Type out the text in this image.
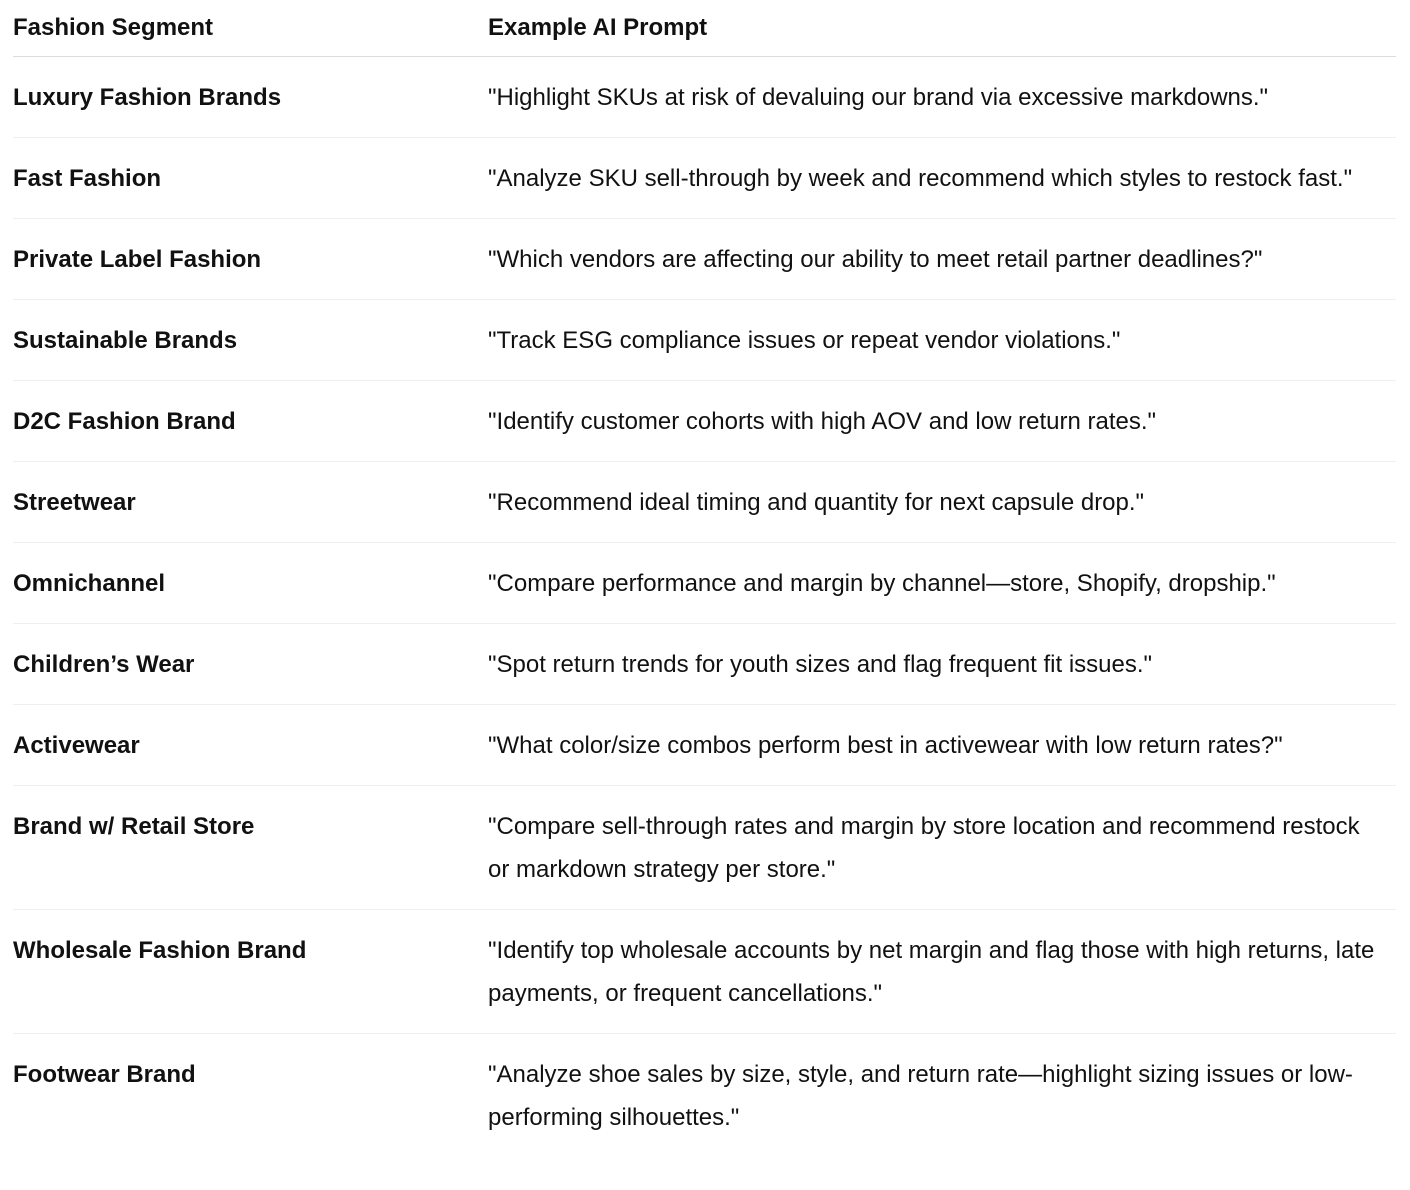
Fashion Segment	Example AI Prompt
Luxury Fashion Brands	"Highlight SKUs at risk of devaluing our brand via excessive markdowns."
Fast Fashion	"Analyze SKU sell-through by week and recommend which styles to restock fast."
Private Label Fashion	"Which vendors are affecting our ability to meet retail partner deadlines?"
Sustainable Brands	"Track ESG compliance issues or repeat vendor violations."
D2C Fashion Brand	"Identify customer cohorts with high AOV and low return rates."
Streetwear	"Recommend ideal timing and quantity for next capsule drop."
Omnichannel	"Compare performance and margin by channel—store, Shopify, dropship."
Children’s Wear	"Spot return trends for youth sizes and flag frequent fit issues."
Activewear	"What color/size combos perform best in activewear with low return rates?"
Brand w/ Retail Store	"Compare sell-through rates and margin by store location and recommend restock or markdown strategy per store."
Wholesale Fashion Brand	"Identify top wholesale accounts by net margin and flag those with high returns, late payments, or frequent cancellations."
Footwear Brand	"Analyze shoe sales by size, style, and return rate—highlight sizing issues or low-performing silhouettes."
